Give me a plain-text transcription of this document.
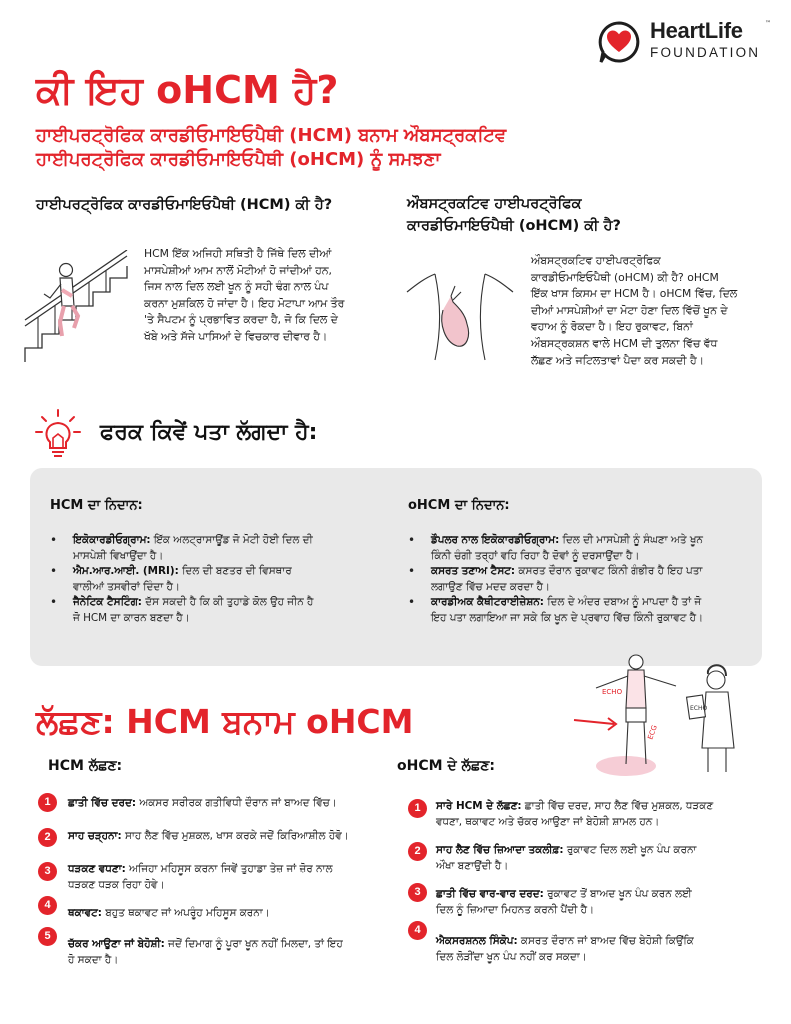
HeartLife	™
FOUNDATION
ਕੀ ਇਹ oHCM ਹੈ?
ਹਾਈਪਰਟ੍ਰੋਫਿਕ ਕਾਰਡੀਓਮਾਇਓਪੈਥੀ (HCM) ਬਨਾਮ ਔਬਸਟ੍ਰਕਟਿਵ
ਹਾਈਪਰਟ੍ਰੋਫਿਕ ਕਾਰਡੀਓਮਾਇਓਪੈਥੀ (oHCM) ਨੂੰ ਸਮਝਣਾ
ਹਾਈਪਰਟ੍ਰੋਫਿਕ ਕਾਰਡੀਓਮਾਇਓਪੈਥੀ (HCM) ਕੀ ਹੈ?
HCM ਇੱਕ ਅਜਿਹੀ ਸਥਿਤੀ ਹੈ ਜਿੱਥੇ ਦਿਲ ਦੀਆਂ
ਮਾਸਪੇਸ਼ੀਆਂ ਆਮ ਨਾਲੋਂ ਮੋਟੀਆਂ ਹੋ ਜਾਂਦੀਆਂ ਹਨ,
ਜਿਸ ਨਾਲ ਦਿਲ ਲਈ ਖੂਨ ਨੂੰ ਸਹੀ ਢੰਗ ਨਾਲ ਪੰਪ
ਕਰਨਾ ਮੁਸ਼ਕਿਲ ਹੋ ਜਾਂਦਾ ਹੈ। ਇਹ ਮੋਟਾਪਾ ਆਮ ਤੌਰ
'ਤੇ ਸੈਪਟਮ ਨੂੰ ਪ੍ਰਭਾਵਿਤ ਕਰਦਾ ਹੈ, ਜੋ ਕਿ ਦਿਲ ਦੇ
ਖੱਬੇ ਅਤੇ ਸੱਜੇ ਪਾਸਿਆਂ ਦੇ ਵਿਚਕਾਰ ਦੀਵਾਰ ਹੈ।
ਔਬਸਟ੍ਰਕਟਿਵ ਹਾਈਪਰਟ੍ਰੋਫਿਕ
ਕਾਰਡੀਓਮਾਇਓਪੈਥੀ (oHCM) ਕੀ ਹੈ?
ਔਬਸਟ੍ਰਕਟਿਵ ਹਾਈਪਰਟ੍ਰੋਫਿਕ
ਕਾਰਡੀਓਮਾਇਓਪੈਥੀ (oHCM) ਕੀ ਹੈ? oHCM
ਇੱਕ ਖਾਸ ਕਿਸਮ ਦਾ HCM ਹੈ। oHCM ਵਿੱਚ, ਦਿਲ
ਦੀਆਂ ਮਾਸਪੇਸ਼ੀਆਂ ਦਾ ਮੋਟਾ ਹੋਣਾ ਦਿਲ ਵਿੱਚੋਂ ਖੂਨ ਦੇ
ਵਹਾਅ ਨੂੰ ਰੋਕਦਾ ਹੈ। ਇਹ ਰੁਕਾਵਟ, ਬਿਨਾਂ
ਔਬਸਟ੍ਰਕਸ਼ਨ ਵਾਲੇ HCM ਦੀ ਤੁਲਨਾ ਵਿੱਚ ਵੱਧ
ਲੱਛਣ ਅਤੇ ਜਟਿਲਤਾਵਾਂ ਪੈਦਾ ਕਰ ਸਕਦੀ ਹੈ।
ਫਰਕ ਕਿਵੇਂ ਪਤਾ ਲੱਗਦਾ ਹੈ:
HCM ਦਾ ਨਿਦਾਨ:
• ਇਕੋਕਾਰਡੀਓਗ੍ਰਾਮ: ਇੱਕ ਅਲਟ੍ਰਾਸਾਊਂਡ ਜੋ ਮੋਟੀ ਹੋਈ ਦਿਲ ਦੀ
ਮਾਸਪੇਸ਼ੀ ਵਿਖਾਉਂਦਾ ਹੈ।
• ਐਮ.ਆਰ.ਆਈ. (MRI): ਦਿਲ ਦੀ ਬਣਤਰ ਦੀ ਵਿਸਥਾਰ
ਵਾਲੀਆਂ ਤਸਵੀਰਾਂ ਦਿੰਦਾ ਹੈ।
• ਜੈਨੇਟਿਕ ਟੈਸਟਿੰਗ: ਦੱਸ ਸਕਦੀ ਹੈ ਕਿ ਕੀ ਤੁਹਾਡੇ ਕੋਲ ਉਹ ਜੀਨ ਹੈ
ਜੋ HCM ਦਾ ਕਾਰਨ ਬਣਦਾ ਹੈ।
oHCM ਦਾ ਨਿਦਾਨ:
• ਡੌਪਲਰ ਨਾਲ ਇਕੋਕਾਰਡੀਓਗ੍ਰਾਮ: ਦਿਲ ਦੀ ਮਾਸਪੇਸ਼ੀ ਨੂੰ ਸੰਘਣਾ ਅਤੇ ਖੂਨ
ਕਿੰਨੀ ਚੰਗੀ ਤਰ੍ਹਾਂ ਵਹਿ ਰਿਹਾ ਹੈ ਦੋਵਾਂ ਨੂੰ ਦਰਸਾਉਂਦਾ ਹੈ।
• ਕਸਰਤ ਤਣਾਅ ਟੈਸਟ: ਕਸਰਤ ਦੌਰਾਨ ਰੁਕਾਵਟ ਕਿੰਨੀ ਗੰਭੀਰ ਹੈ ਇਹ ਪਤਾ
ਲਗਾਉਣ ਵਿੱਚ ਮਦਦ ਕਰਦਾ ਹੈ।
• ਕਾਰਡੀਅਕ ਕੈਥੀਟਰਾਈਜ਼ੇਸ਼ਨ: ਦਿਲ ਦੇ ਅੰਦਰ ਦਬਾਅ ਨੂੰ ਮਾਪਦਾ ਹੈ ਤਾਂ ਜੋ
ਇਹ ਪਤਾ ਲਗਾਇਆ ਜਾ ਸਕੇ ਕਿ ਖੂਨ ਦੇ ਪ੍ਰਵਾਹ ਵਿੱਚ ਕਿੰਨੀ ਰੁਕਾਵਟ ਹੈ।
ਲੱਛਣ: HCM ਬਨਾਮ oHCM
ECHO
ECG
ECHO
HCM ਲੱਛਣ:
1	ਛਾਤੀ ਵਿੱਚ ਦਰਦ: ਅਕਸਰ ਸਰੀਰਕ ਗਤੀਵਿਧੀ ਦੌਰਾਨ ਜਾਂ ਬਾਅਦ ਵਿੱਚ।
2	ਸਾਹ ਚੜ੍ਹਨਾ: ਸਾਹ ਲੈਣ ਵਿੱਚ ਮੁਸ਼ਕਲ, ਖਾਸ ਕਰਕੇ ਜਦੋਂ ਕਿਰਿਆਸ਼ੀਲ ਹੋਵੋ।
3	ਧੜਕਣ ਵਧਣਾ: ਅਜਿਹਾ ਮਹਿਸੂਸ ਕਰਨਾ ਜਿਵੇਂ ਤੁਹਾਡਾ ਤੇਜ਼ ਜਾਂ ਜ਼ੋਰ ਨਾਲ
ਧੜਕਣ ਧੜਕ ਰਿਹਾ ਹੋਵੇ।
4
ਥਕਾਵਟ: ਬਹੁਤ ਥਕਾਵਟ ਜਾਂ ਅਪਰੂੰਹ ਮਹਿਸੂਸ ਕਰਨਾ।
5
ਚੱਕਰ ਆਉਣਾ ਜਾਂ ਬੇਹੋਸ਼ੀ: ਜਦੋਂ ਦਿਮਾਗ ਨੂੰ ਪੂਰਾ ਖੂਨ ਨਹੀਂ ਮਿਲਦਾ, ਤਾਂ ਇਹ
ਹੋ ਸਕਦਾ ਹੈ।
oHCM ਦੇ ਲੱਛਣ:
1	ਸਾਰੇ HCM ਦੇ ਲੱਛਣ: ਛਾਤੀ ਵਿੱਚ ਦਰਦ, ਸਾਹ ਲੈਣ ਵਿੱਚ ਮੁਸ਼ਕਲ, ਧੜਕਣ
ਵਧਣਾ, ਥਕਾਵਟ ਅਤੇ ਚੱਕਰ ਆਉਣਾ ਜਾਂ ਬੇਹੋਸ਼ੀ ਸ਼ਾਮਲ ਹਨ।
2	ਸਾਹ ਲੈਣ ਵਿੱਚ ਜ਼ਿਆਦਾ ਤਕਲੀਫ਼: ਰੁਕਾਵਟ ਦਿਲ ਲਈ ਖੂਨ ਪੰਪ ਕਰਨਾ
ਔਖਾ ਬਣਾਉਂਦੀ ਹੈ।
3	ਛਾਤੀ ਵਿੱਚ ਵਾਰ-ਵਾਰ ਦਰਦ: ਰੁਕਾਵਟ ਤੋਂ ਬਾਅਦ ਖੂਨ ਪੰਪ ਕਰਨ ਲਈ
ਦਿਲ ਨੂੰ ਜ਼ਿਆਦਾ ਮਿਹਨਤ ਕਰਨੀ ਪੈਂਦੀ ਹੈ।
4
ਐਕਸਰਸ਼ਨਲ ਸਿੰਕੋਪ: ਕਸਰਤ ਦੌਰਾਨ ਜਾਂ ਬਾਅਦ ਵਿੱਚ ਬੇਹੋਸ਼ੀ ਕਿਉਂਕਿ
ਦਿਲ ਲੋੜੀਂਦਾ ਖੂਨ ਪੰਪ ਨਹੀਂ ਕਰ ਸਕਦਾ।
